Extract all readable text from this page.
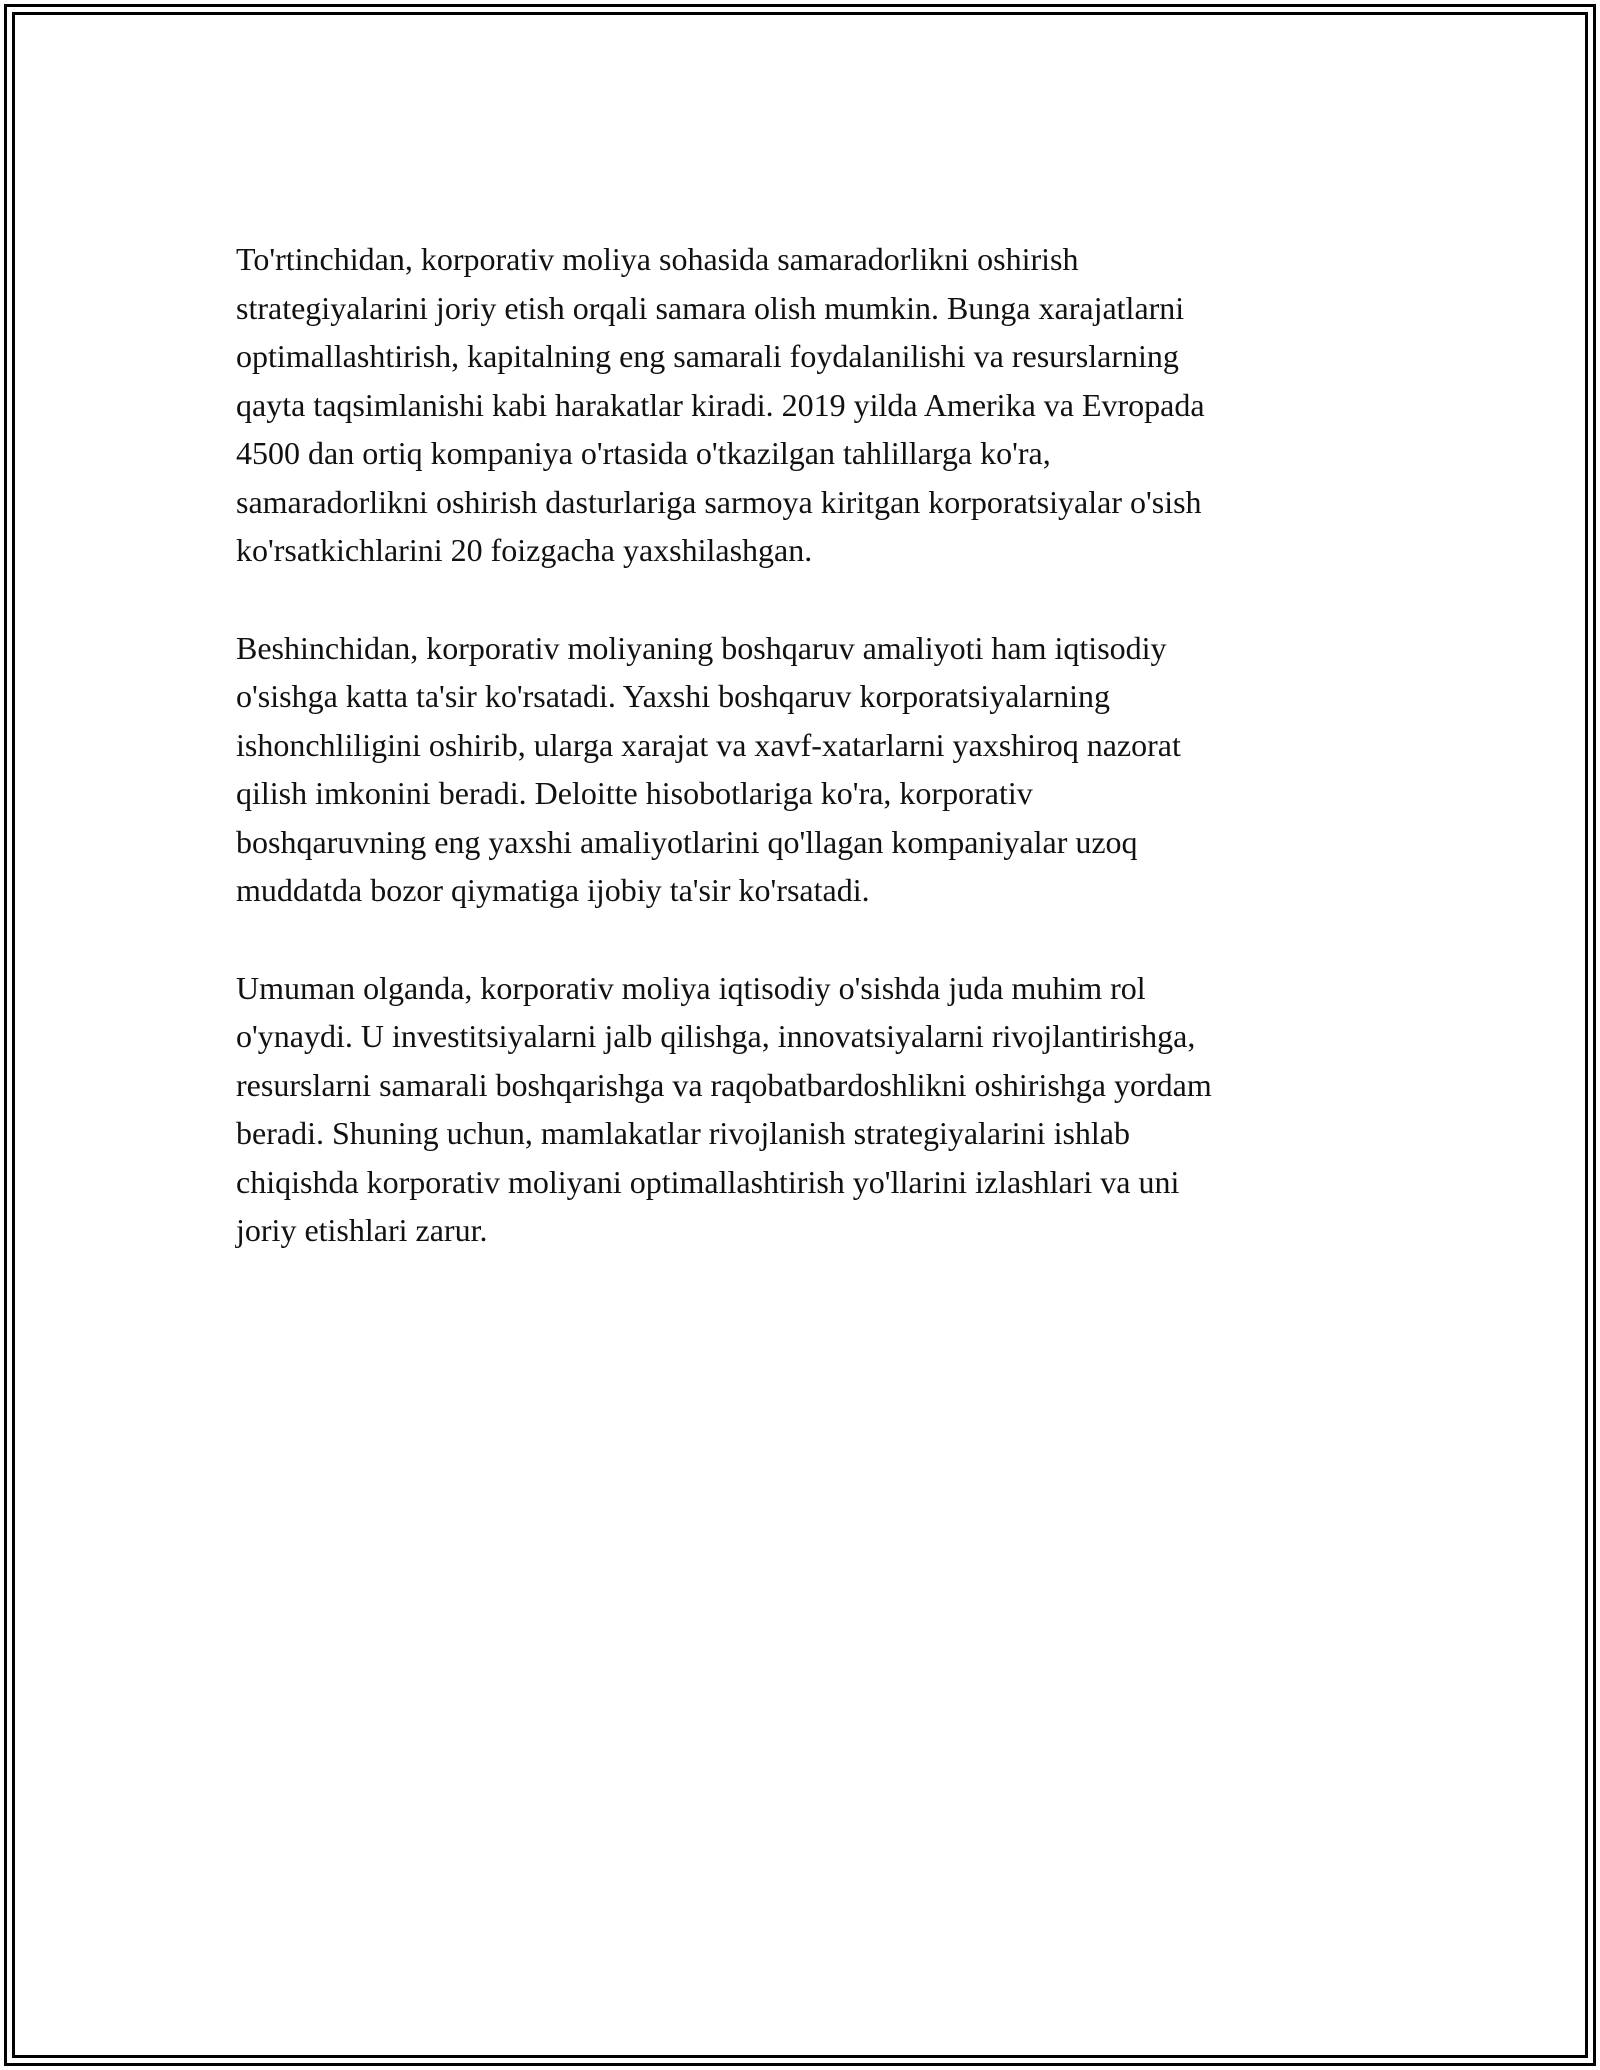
To'rtinchidan, korporativ moliya sohasida samaradorlikni oshirish
strategiyalarini joriy etish orqali samara olish mumkin. Bunga xarajatlarni
optimallashtirish, kapitalning eng samarali foydalanilishi va resurslarning
qayta taqsimlanishi kabi harakatlar kiradi. 2019 yilda Amerika va Evropada
4500 dan ortiq kompaniya o'rtasida o'tkazilgan tahlillarga ko'ra,
samaradorlikni oshirish dasturlariga sarmoya kiritgan korporatsiyalar o'sish
ko'rsatkichlarini 20 foizgacha yaxshilashgan.

Beshinchidan, korporativ moliyaning boshqaruv amaliyoti ham iqtisodiy
o'sishga katta ta'sir ko'rsatadi. Yaxshi boshqaruv korporatsiyalarning
ishonchliligini oshirib, ularga xarajat va xavf-xatarlarni yaxshiroq nazorat
qilish imkonini beradi. Deloitte hisobotlariga ko'ra, korporativ
boshqaruvning eng yaxshi amaliyotlarini qo'llagan kompaniyalar uzoq
muddatda bozor qiymatiga ijobiy ta'sir ko'rsatadi.

Umuman olganda, korporativ moliya iqtisodiy o'sishda juda muhim rol
o'ynaydi. U investitsiyalarni jalb qilishga, innovatsiyalarni rivojlantirishga,
resurslarni samarali boshqarishga va raqobatbardoshlikni oshirishga yordam
beradi. Shuning uchun, mamlakatlar rivojlanish strategiyalarini ishlab
chiqishda korporativ moliyani optimallashtirish yo'llarini izlashlari va uni
joriy etishlari zarur.
